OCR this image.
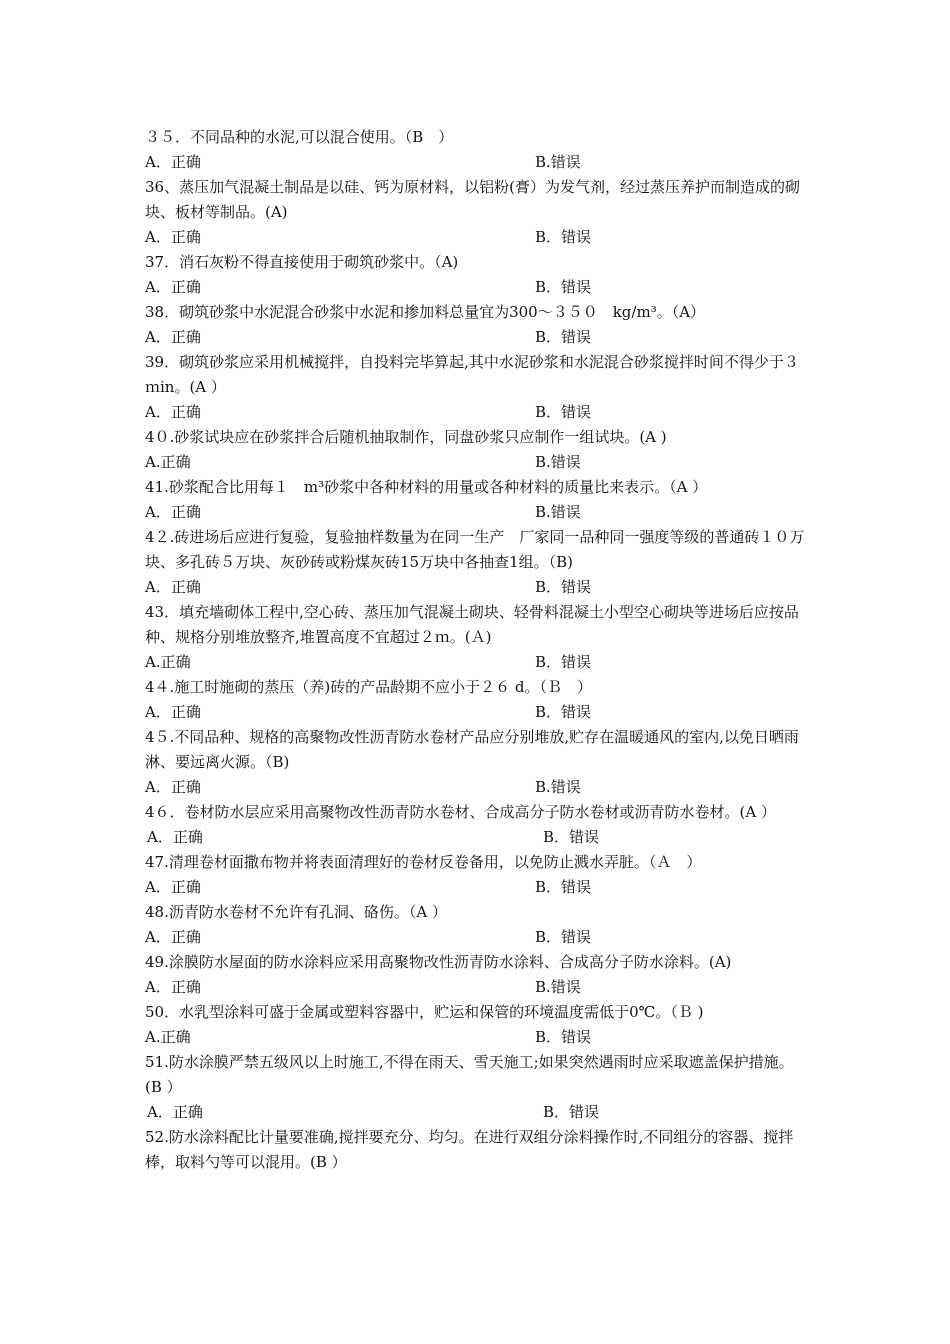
３５．不同品种的水泥,可以混合使用。（B　）

A．正确	B.错误

36、蒸压加气混凝土制品是以硅、钙为原材料，以铝粉(膏）为发气剂，经过蒸压养护而制造成的砌块、板材等制品。(A)

A．正确	B．错误

37．消石灰粉不得直接使用于砌筑砂浆中。（A)

A．正确	B．错误

38．砌筑砂浆中水泥混合砂浆中水泥和掺加料总量宜为300～３５０　kg/m³。（A）

A．正确	B．错误

39．砌筑砂浆应采用机械搅拌，自投料完毕算起,其中水泥砂浆和水泥混合砂浆搅拌时间不得少于３ｍin。(A ）

A．正确	B．错误

4０.砂浆试块应在砂浆拌合后随机抽取制作，同盘砂浆只应制作一组试块。(A )

A.正确	B.错误

41.砂浆配合比用每１　m³砂浆中各种材料的用量或各种材料的质量比来表示。（A ）

A．正确	B.错误

4２.砖进场后应进行复验，复验抽样数量为在同一生产　厂家同一品种同一强度等级的普通砖１０万块、多孔砖５万块、灰砂砖或粉煤灰砖15万块中各抽查1组。（B)

A．正确	B．错误

43．填充墙砌体工程中,空心砖、蒸压加气混凝土砌块、轻骨料混凝土小型空心砌块等进场后应按品种、规格分别堆放整齐,堆置高度不宜超过２ｍ。(Ａ)

A.正确	B．错误

4４.施工时施砌的蒸压（养)砖的产品龄期不应小于２６ d。（Ｂ　）

A．正确	B．错误

4５.不同品种、规格的高聚物改性沥青防水卷材产品应分别堆放,贮存在温暖通风的室内,以免日晒雨淋、要远离火源。（B)

A．正确	B.错误

4６．卷材防水层应采用高聚物改性沥青防水卷材、合成高分子防水卷材或沥青防水卷材。(A ）

A．正确	B．错误

47.清理卷材面撒布物并将表面清理好的卷材反卷备用，以免防止溅水弄脏。（Ａ　）

A．正确	B．错误

48.沥青防水卷材不允许有孔洞、硌伤。（A ）

A．正确	B．错误

49.涂膜防水屋面的防水涂料应采用高聚物改性沥青防水涂料、合成高分子防水涂料。(A)

A．正确	B.错误

50．水乳型涂料可盛于金属或塑料容器中，贮运和保管的环境温度需低于0℃。（Ｂ )

A.正确	B．错误

51.防水涂膜严禁五级风以上时施工,不得在雨天、雪天施工;如果突然遇雨时应采取遮盖保护措施。(B ）

A．正确	B．错误

52.防水涂料配比计量要准确,搅拌要充分、均匀。在进行双组分涂料操作时,不同组分的容器、搅拌棒，取料勺等可以混用。(B ）
